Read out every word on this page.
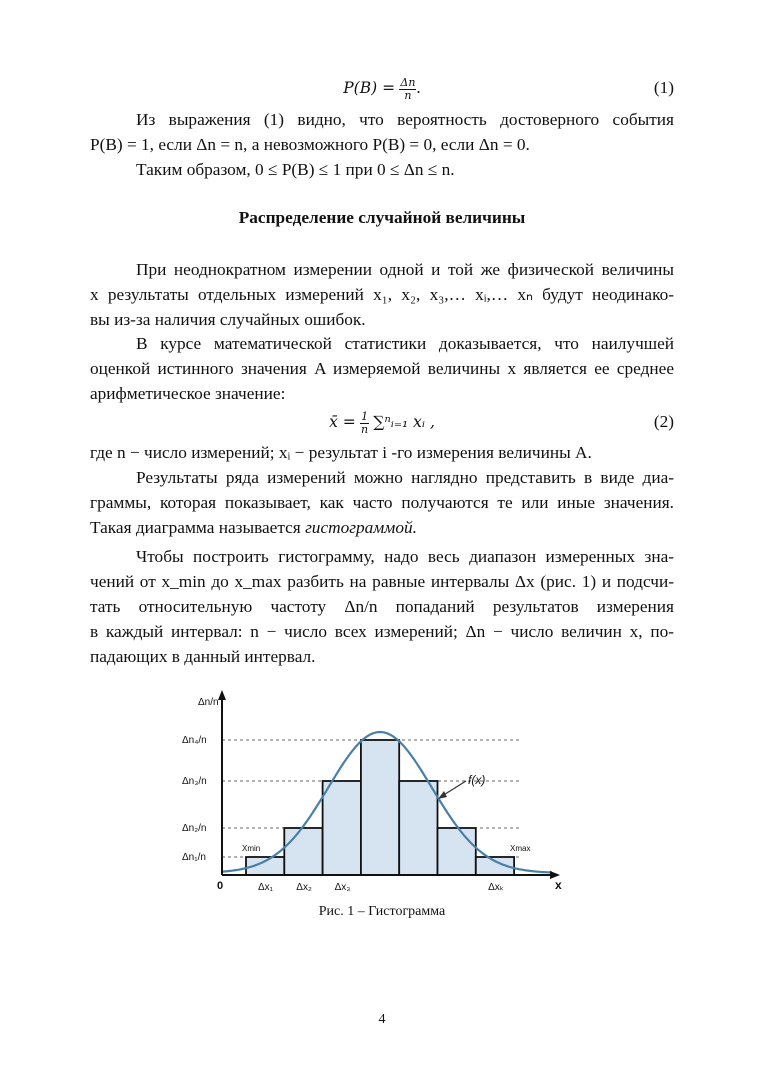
$P(B) = \frac{\Delta n}{n}$ .	(1)
Из выражения (1) видно, что вероятность достоверного события
P(B) = 1, если Δn = n, а невозможного P(B) = 0, если Δn = 0.
Таким образом, 0 ≤ P(B) ≤ 1 при 0 ≤ Δn ≤ n.
Распределение случайной величины
При неоднократном измерении одной и той же физической величины
x результаты отдельных измерений x₁, x₂, x₃,… xᵢ,… xₙ будут неодинако-
вы из-за наличия случайных ошибок.
В курсе математической статистики доказывается, что наилучшей
оценкой истинного значения A измеряемой величины x является ее среднее
арифметическое значение:
x̄ = $\frac{1}{n}$ ∑ⁿᵢ₌₁ xᵢ ,	(2)
где n − число измерений; xᵢ − результат i -го измерения величины A.
Результаты ряда измерений можно наглядно представить в виде диа-
граммы, которая показывает, как часто получаются те или иные значения.
Такая диаграмма называется гистограммой.
Чтобы построить гистограмму, надо весь диапазон измеренных зна-
чений от x_min до x_max разбить на равные интервалы Δx (рис. 1) и подсчи-
тать относительную частоту Δn/n попаданий результатов измерения
в каждый интервал: n − число всех измерений; Δn − число величин x, по-
падающих в данный интервал.
Δn/n
x
0
Xmin	Xmax
f(x)
Δn₁/n
Δn₂/n
Δn₃/n
Δn₄/n
Δx₁ Δx₂ Δx₃	Δxₖ
Рис. 1 – Гистограмма
4
